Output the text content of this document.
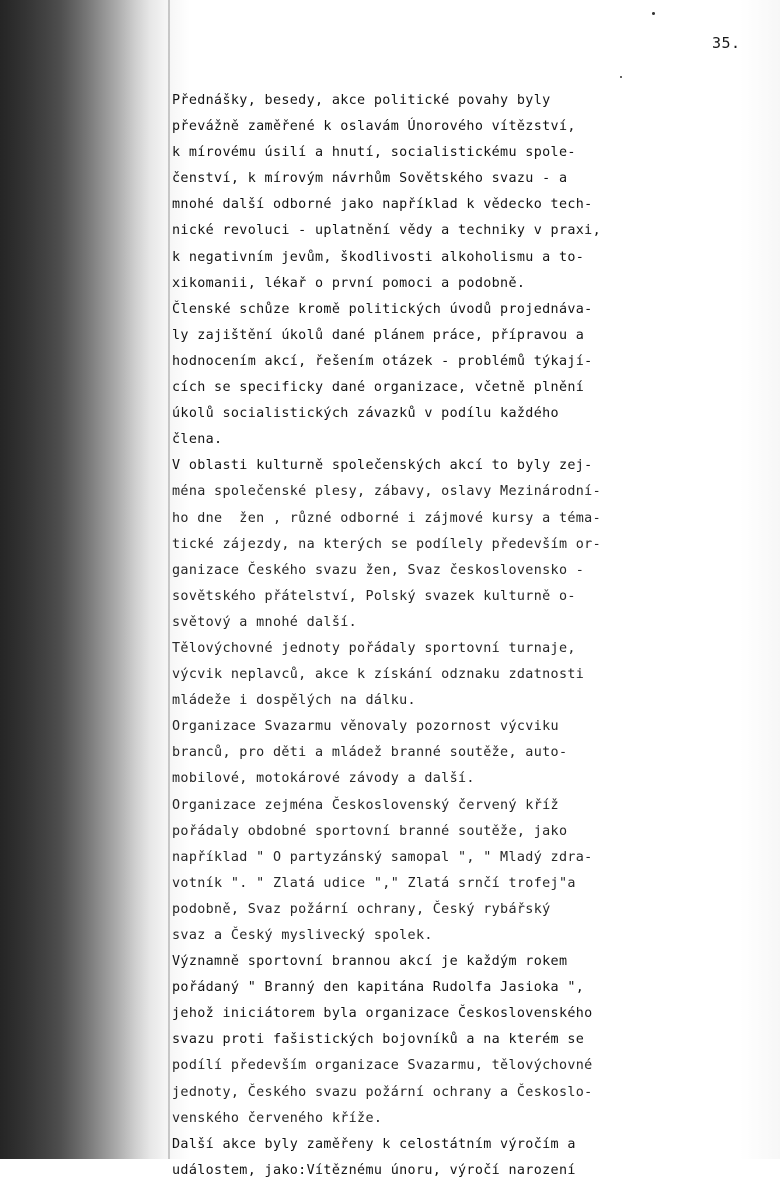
35.
Přednášky, besedy, akce politické povahy byly
převážně zaměřené k oslavám Únorového vítězství,
k mírovému úsilí a hnutí, socialistickému spole-
čenství, k mírovým návrhům Sovětského svazu - a
mnohé další odborné jako například k vědecko tech-
nické revoluci - uplatnění vědy a techniky v praxi,
k negativním jevům, škodlivosti alkoholismu a to-
xikomanii, lékař o první pomoci a podobně.
Členské schůze kromě politických úvodů projednáva-
ly zajištění úkolů dané plánem práce, přípravou a
hodnocením akcí, řešením otázek - problémů týkají-
cích se specificky dané organizace, včetně plnění
úkolů socialistických závazků v podílu každého
člena.
V oblasti kulturně společenských akcí to byly zej-
ména společenské plesy, zábavy, oslavy Mezinárodní-
ho dne  žen , různé odborné i zájmové kursy a téma-
tické zájezdy, na kterých se podílely především or-
ganizace Českého svazu žen, Svaz československo -
sovětského přátelství, Polský svazek kulturně o-
světový a mnohé další.
Tělovýchovné jednoty pořádaly sportovní turnaje,
výcvik neplavců, akce k získání odznaku zdatnosti
mládeže i dospělých na dálku.
Organizace Svazarmu věnovaly pozornost výcviku
branců, pro děti a mládež branné soutěže, auto-
mobilové, motokárové závody a další.
Organizace zejména Československý červený kříž
pořádaly obdobné sportovní branné soutěže, jako
například " O partyzánský samopal ", " Mladý zdra-
votník ". " Zlatá udice "," Zlatá srnčí trofej"a
podobně, Svaz požární ochrany, Český rybářský
svaz a Český myslivecký spolek.
Významně sportovní brannou akcí je každým rokem
pořádaný " Branný den kapitána Rudolfa Jasioka ",
jehož iniciátorem byla organizace Československého
svazu proti fašistických bojovníků a na kterém se
podílí především organizace Svazarmu, tělovýchovné
jednoty, Českého svazu požární ochrany a Českoslo-
venského červeného kříže.
Další akce byly zaměřeny k celostátním výročím a
událostem, jako:Vítěznému únoru, výročí narození
